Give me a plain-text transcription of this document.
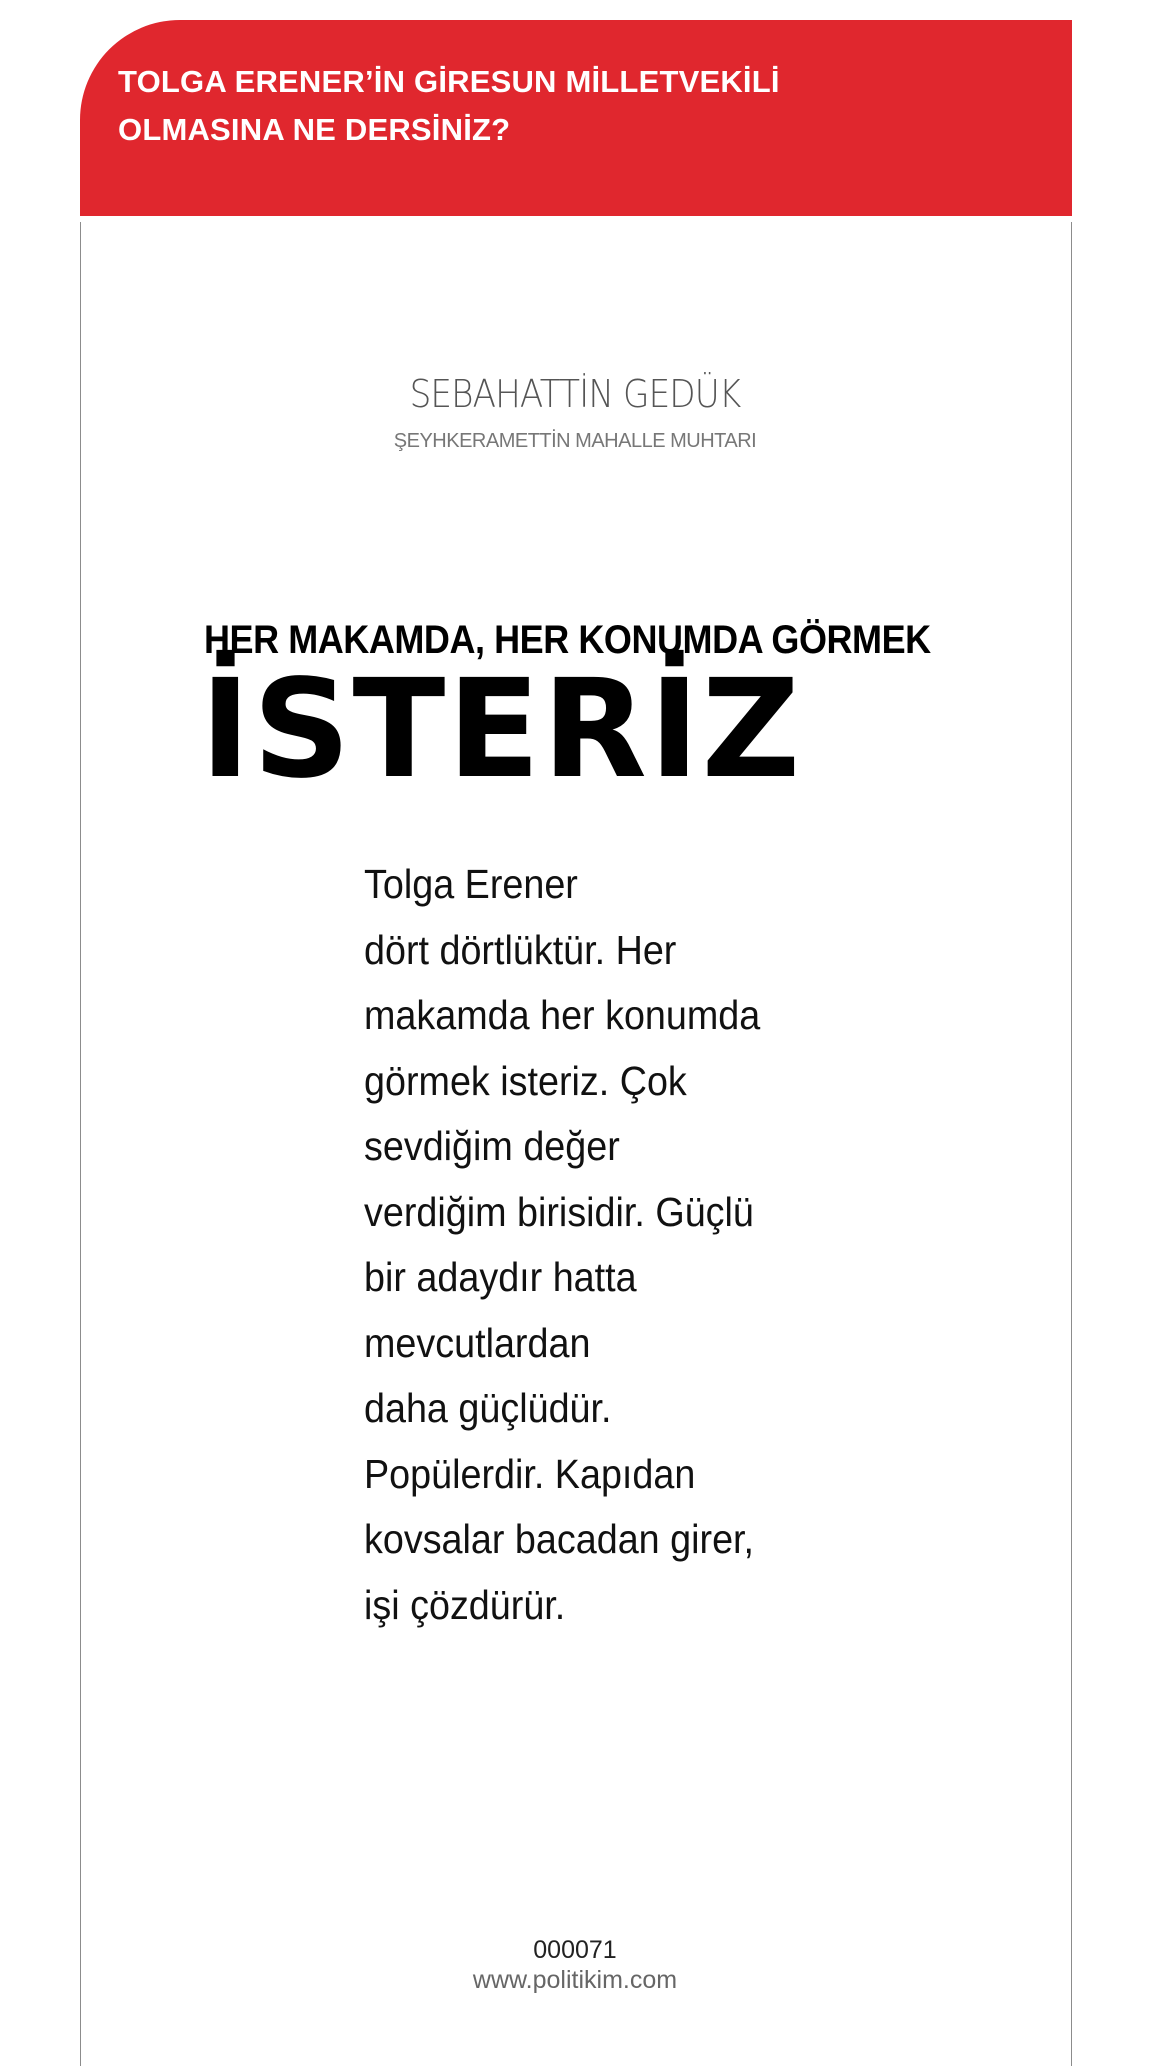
TOLGA ERENER’İN GİRESUN MİLLETVEKİLİ
OLMASINA NE DERSİNİZ?
SEBAHATTİN GEDÜK
ŞEYHKERAMETTİN MAHALLE MUHTARI
HER MAKAMDA, HER KONUMDA GÖRMEK
İSTERİZ
Tolga Erener
dört dörtlüktür. Her
makamda her konumda
görmek isteriz. Çok
sevdiğim değer
verdiğim birisidir. Güçlü
bir adaydır hatta
mevcutlardan
daha güçlüdür.
Popülerdir. Kapıdan
kovsalar bacadan girer,
işi çözdürür.
000071
www.politikim.com
